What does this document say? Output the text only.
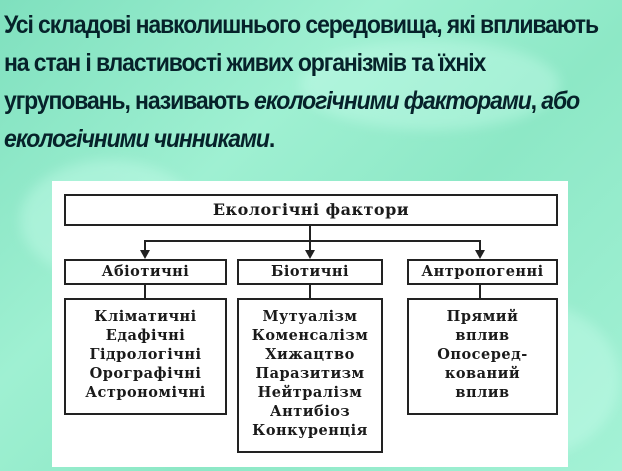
Усі складові навколишнього середовища, які впливають на стан і властивості живих організмів та їхніх угруповань, називають екологічними факторами, або екологічними чинниками.
Екологічні фактори
Абіотичні	Біотичні	Антропогенні
Кліматичні
Едафічні
Гідрологічні
Орографічні
Астрономічні
Мутуалізм
Коменсалізм
Хижацтво
Паразитизм
Нейтралізм
Антибіоз
Конкуренція
Прямий
вплив
Опосеред-
кований
вплив
